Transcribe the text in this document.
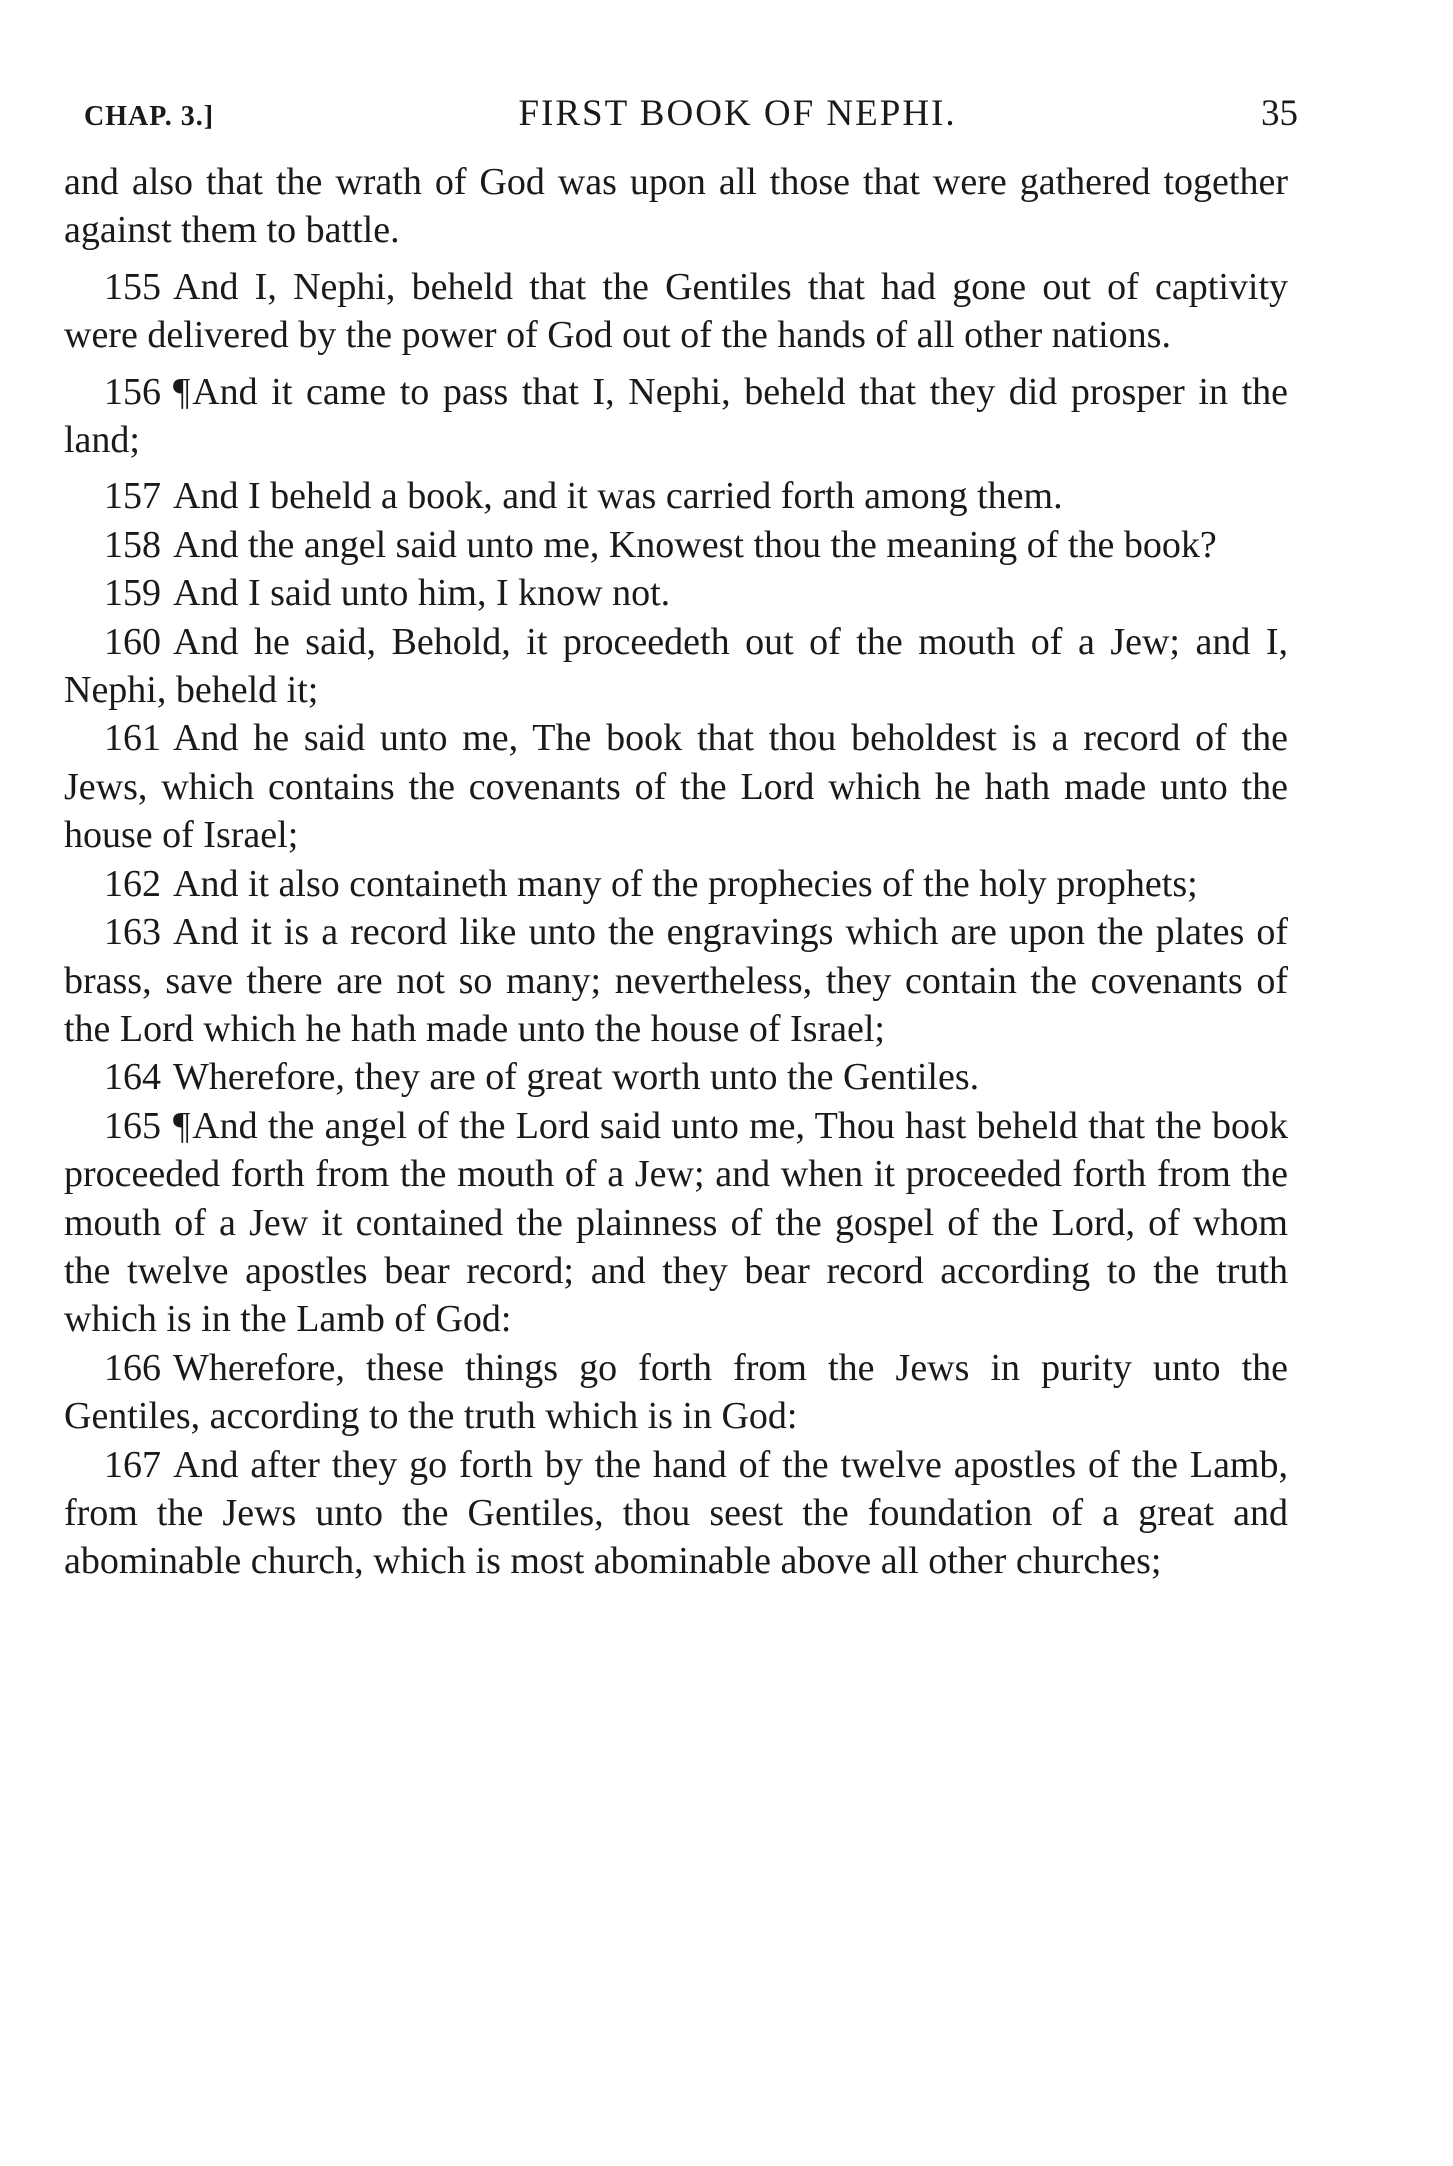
CHAP. 3.]	FIRST BOOK OF NEPHI.	35

and also that the wrath of God was upon all those that were gathered together against them to battle.

155 And I, Nephi, beheld that the Gentiles that had gone out of captivity were delivered by the power of God out of the hands of all other nations.

156 ¶And it came to pass that I, Nephi, beheld that they did prosper in the land;

157 And I beheld a book, and it was carried forth among them.

158 And the angel said unto me, Knowest thou the meaning of the book?

159 And I said unto him, I know not.

160 And he said, Behold, it proceedeth out of the mouth of a Jew; and I, Nephi, beheld it;

161 And he said unto me, The book that thou beholdest is a record of the Jews, which contains the covenants of the Lord which he hath made unto the house of Israel;

162 And it also containeth many of the prophecies of the holy prophets;

163 And it is a record like unto the engravings which are upon the plates of brass, save there are not so many; nevertheless, they contain the covenants of the Lord which he hath made unto the house of Israel;

164 Wherefore, they are of great worth unto the Gentiles.

165 ¶And the angel of the Lord said unto me, Thou hast beheld that the book proceeded forth from the mouth of a Jew; and when it proceeded forth from the mouth of a Jew it contained the plainness of the gospel of the Lord, of whom the twelve apostles bear record; and they bear record according to the truth which is in the Lamb of God:

166 Wherefore, these things go forth from the Jews in purity unto the Gentiles, according to the truth which is in God:

167 And after they go forth by the hand of the twelve apostles of the Lamb, from the Jews unto the Gentiles, thou seest the foundation of a great and abominable church, which is most abominable above all other churches;
